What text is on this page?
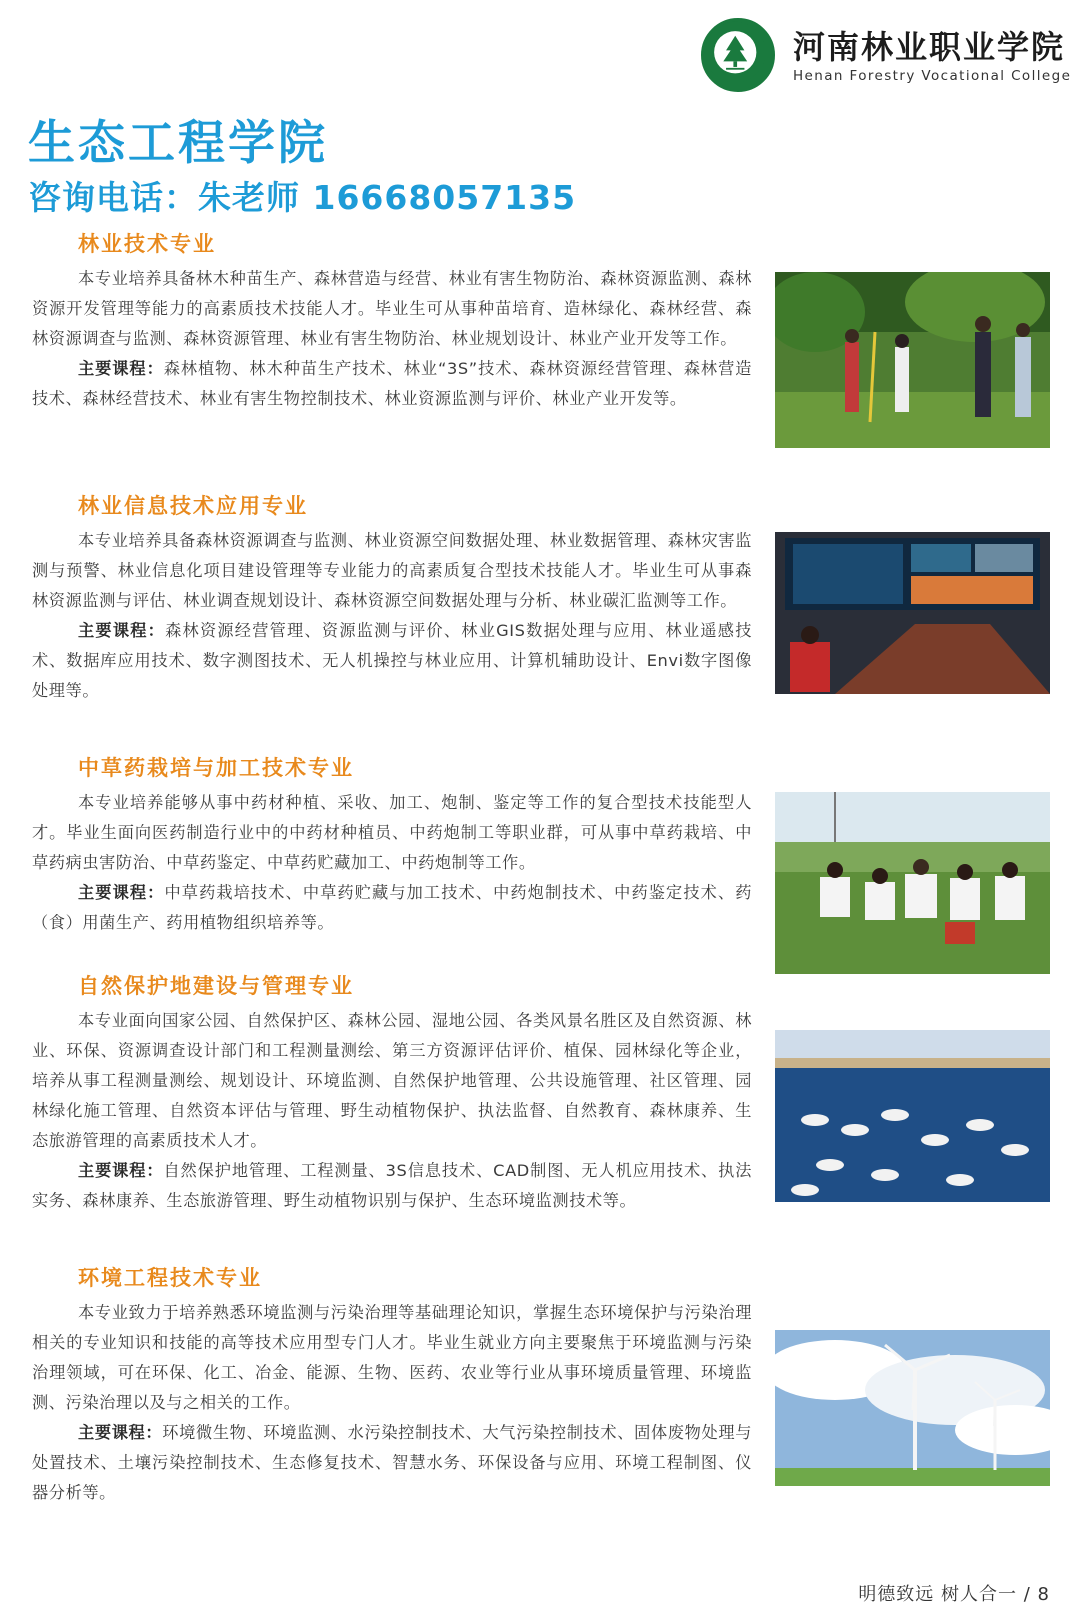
河南林业职业学院
Henan Forestry Vocational College
生态工程学院
咨询电话：朱老师 16668057135
林业技术专业

本专业培养具备林木种苗生产、森林营造与经营、林业有害生物防治、森林资源监测、森林资源开发管理等能力的高素质技术技能人才。毕业生可从事种苗培育、造林绿化、森林经营、森林资源调查与监测、森林资源管理、林业有害生物防治、林业规划设计、林业产业开发等工作。

主要课程：森林植物、林木种苗生产技术、林业“3S”技术、森林资源经营管理、森林营造技术、森林经营技术、林业有害生物控制技术、林业资源监测与评价、林业产业开发等。

林业信息技术应用专业

本专业培养具备森林资源调查与监测、林业资源空间数据处理、林业数据管理、森林灾害监测与预警、林业信息化项目建设管理等专业能力的高素质复合型技术技能人才。毕业生可从事森林资源监测与评估、林业调查规划设计、森林资源空间数据处理与分析、林业碳汇监测等工作。

主要课程：森林资源经营管理、资源监测与评价、林业GIS数据处理与应用、林业遥感技术、数据库应用技术、数字测图技术、无人机操控与林业应用、计算机辅助设计、Envi数字图像处理等。

中草药栽培与加工技术专业

本专业培养能够从事中药材种植、采收、加工、炮制、鉴定等工作的复合型技术技能型人才。毕业生面向医药制造行业中的中药材种植员、中药炮制工等职业群，可从事中草药栽培、中草药病虫害防治、中草药鉴定、中草药贮藏加工、中药炮制等工作。

主要课程：中草药栽培技术、中草药贮藏与加工技术、中药炮制技术、中药鉴定技术、药（食）用菌生产、药用植物组织培养等。

自然保护地建设与管理专业

本专业面向国家公园、自然保护区、森林公园、湿地公园、各类风景名胜区及自然资源、林业、环保、资源调查设计部门和工程测量测绘、第三方资源评估评价、植保、园林绿化等企业，培养从事工程测量测绘、规划设计、环境监测、自然保护地管理、公共设施管理、社区管理、园林绿化施工管理、自然资本评估与管理、野生动植物保护、执法监督、自然教育、森林康养、生态旅游管理的高素质技术人才。

主要课程：自然保护地管理、工程测量、3S信息技术、CAD制图、无人机应用技术、执法实务、森林康养、生态旅游管理、野生动植物识别与保护、生态环境监测技术等。

环境工程技术专业

本专业致力于培养熟悉环境监测与污染治理等基础理论知识，掌握生态环境保护与污染治理相关的专业知识和技能的高等技术应用型专门人才。毕业生就业方向主要聚焦于环境监测与污染治理领域，可在环保、化工、冶金、能源、生物、医药、农业等行业从事环境质量管理、环境监测、污染治理以及与之相关的工作。

主要课程：环境微生物、环境监测、水污染控制技术、大气污染控制技术、固体废物处理与处置技术、土壤污染控制技术、生态修复技术、智慧水务、环保设备与应用、环境工程制图、仪器分析等。

明德致远 树人合一 / 8
